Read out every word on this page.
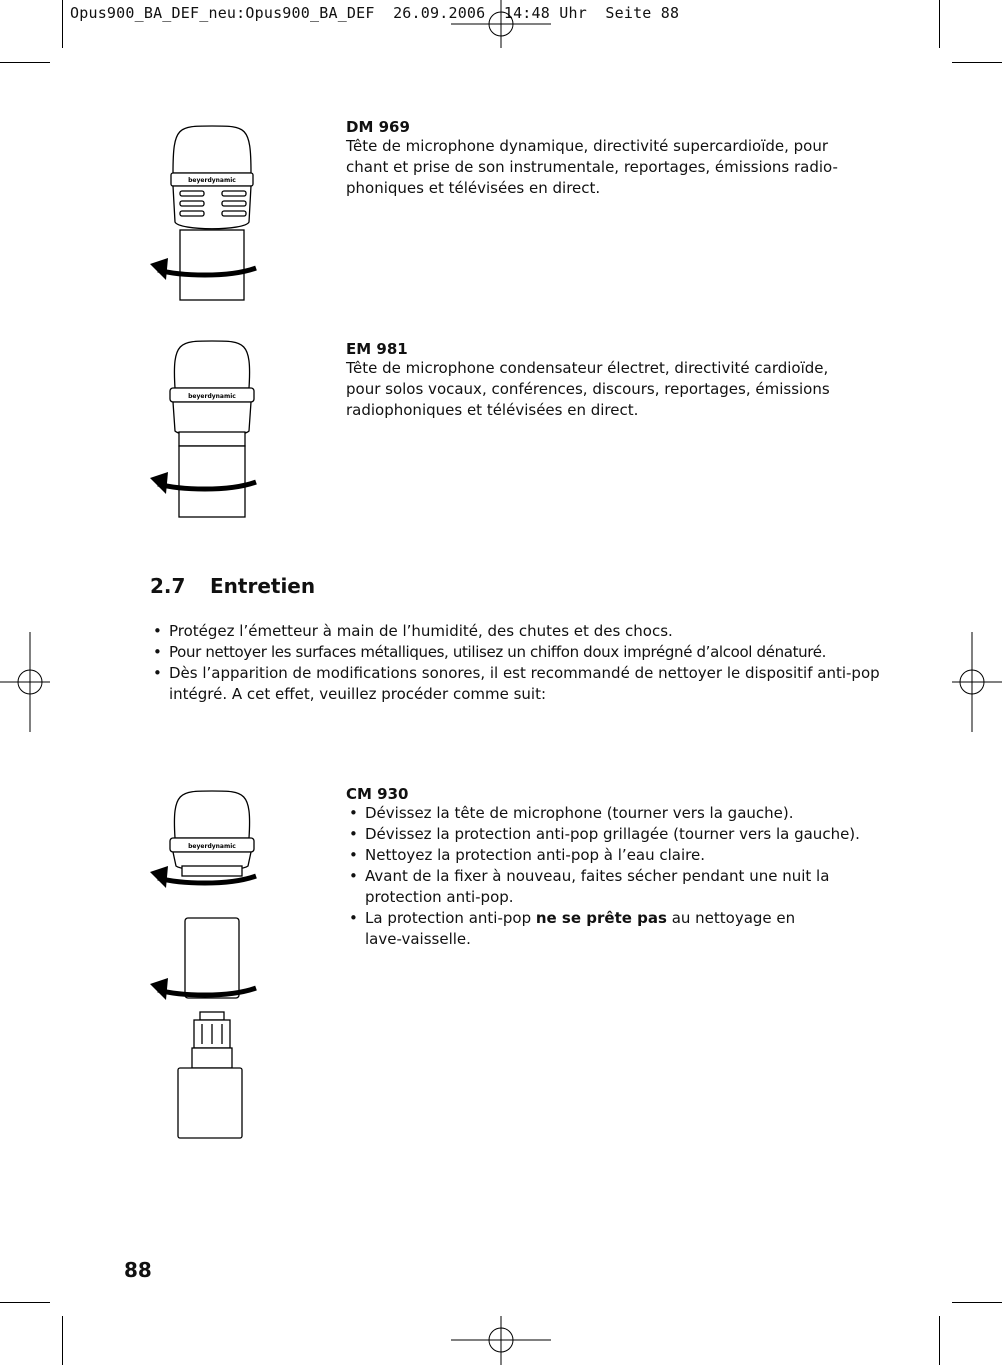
Opus900_BA_DEF_neu:Opus900_BA_DEF  26.09.2006  14:48 Uhr  Seite 88
beyerdynamic
DM 969

Tête de microphone dynamique, directivité supercardioïde, pour

chant et prise de son instrumentale, reportages, émissions radio-

phoniques et télévisées en direct.

beyerdynamic
EM 981

Tête de microphone condensateur électret, directivité cardioïde,

pour solos vocaux, conférences, discours, reportages, émissions

radiophoniques et télévisées en direct.

2.7 Entretien
• Protégez l’émetteur à main de l’humidité, des chutes et des chocs.
• Pour nettoyer les surfaces métalliques, utilisez un chiffon doux imprégné d’alcool dénaturé.
• Dès l’apparition de modifications sonores, il est recommandé de nettoyer le dispositif anti-pop intégré. A cet effet, veuillez procéder comme suit:
beyerdynamic
CM 930
• Dévissez la tête de microphone (tourner vers la gauche).
• Dévissez la protection anti-pop grillagée (tourner vers la gauche).
• Nettoyez la protection anti-pop à l’eau claire.
• Avant de la fixer à nouveau, faites sécher pendant une nuit la protection anti-pop.
• La protection anti-pop ne se prête pas au nettoyage en lave-vaisselle.
88
